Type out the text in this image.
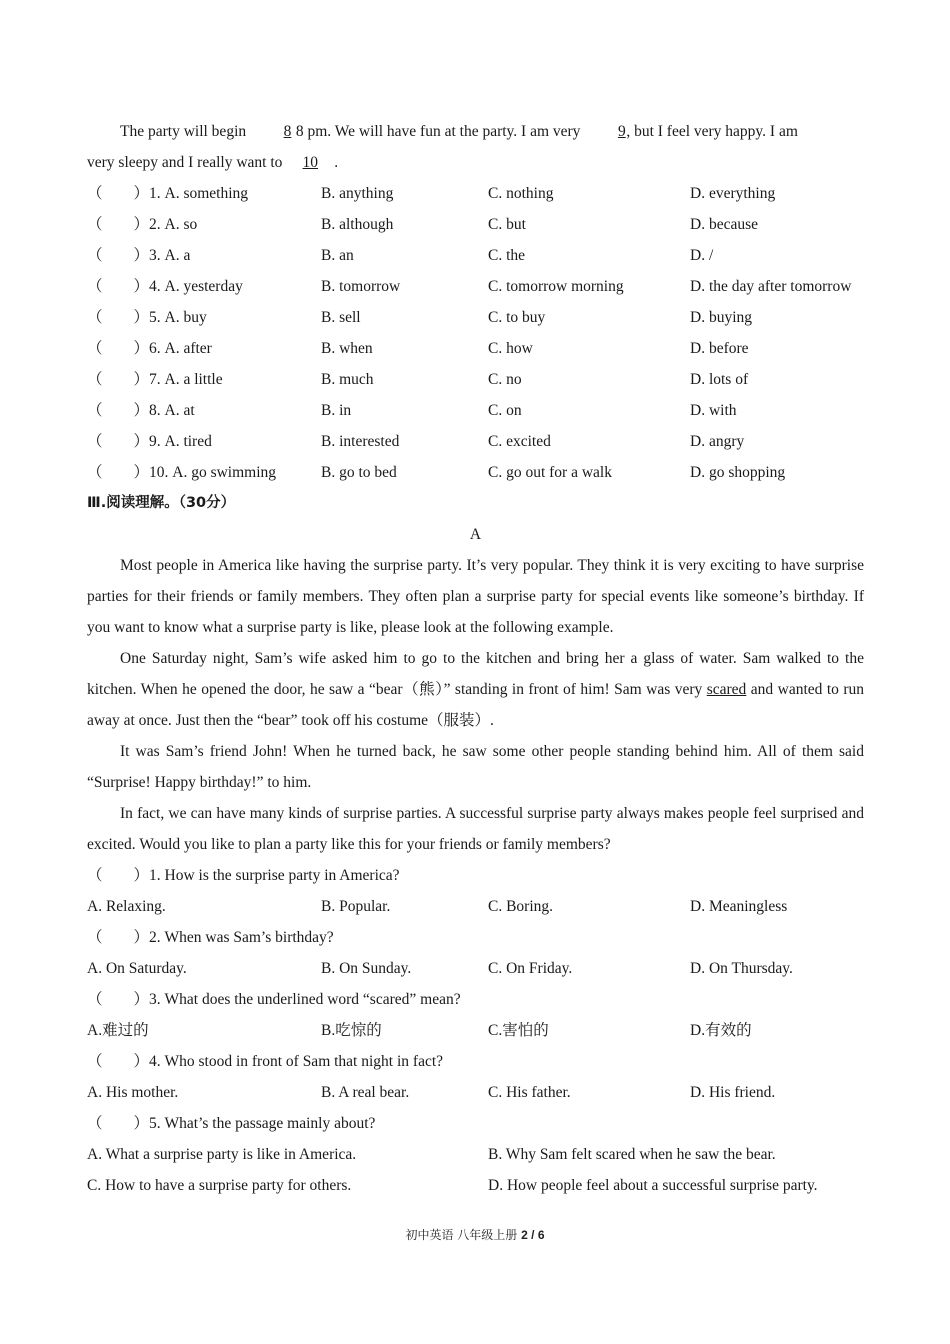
The party will begin 8 8 pm. We will have fun at the party. I am very 9, but I feel very happy. I am

very sleepy and I really want to 10 .
（　　）1. A. something	B. anything	C. nothing	D. everything
（　　）2. A. so	B. although	C. but	D. because
（　　）3. A. a	B. an	C. the	D. /
（　　）4. A. yesterday	B. tomorrow	C. tomorrow morning	D. the day after tomorrow
（　　）5. A. buy	B. sell	C. to buy	D. buying
（　　）6. A. after	B. when	C. how	D. before
（　　）7. A. a little	B. much	C. no	D. lots of
（　　）8. A. at	B. in	C. on	D. with
（　　）9. A. tired	B. interested	C. excited	D. angry
（　　）10. A. go swimming	B. go to bed	C. go out for a walk	D. go shopping
Ⅲ.阅读理解。（30分）
A

Most people in America like having the surprise party. It’s very popular. They think it is very exciting to have surprise parties for their friends or family members. They often plan a surprise party for special events like someone’s birthday. If you want to know what a surprise party is like, please look at the following example.

One Saturday night, Sam’s wife asked him to go to the kitchen and bring her a glass of water. Sam walked to the kitchen. When he opened the door, he saw a “bear（熊）” standing in front of him! Sam was very scared and wanted to run away at once. Just then the “bear” took off his costume（服装）.

It was Sam’s friend John! When he turned back, he saw some other people standing behind him. All of them said “Surprise! Happy birthday!” to him.

In fact, we can have many kinds of surprise parties. A successful surprise party always makes people feel surprised and excited. Would you like to plan a party like this for your friends or family members?

（　　）1. How is the surprise party in America?
A. Relaxing.	B. Popular.	C. Boring.	D. Meaningless
（　　）2. When was Sam’s birthday?
A. On Saturday.	B. On Sunday.	C. On Friday.	D. On Thursday.
（　　）3. What does the underlined word “scared” mean?
A.难过的	B.吃惊的	C.害怕的	D.有效的
（　　）4. Who stood in front of Sam that night in fact?
A. His mother.	B. A real bear.	C. His father.	D. His friend.
（　　）5. What’s the passage mainly about?
A. What a surprise party is like in America.	B. Why Sam felt scared when he saw the bear.
C. How to have a surprise party for others.	D. How people feel about a successful surprise party.
初中英语 八年级上册 2 / 6
